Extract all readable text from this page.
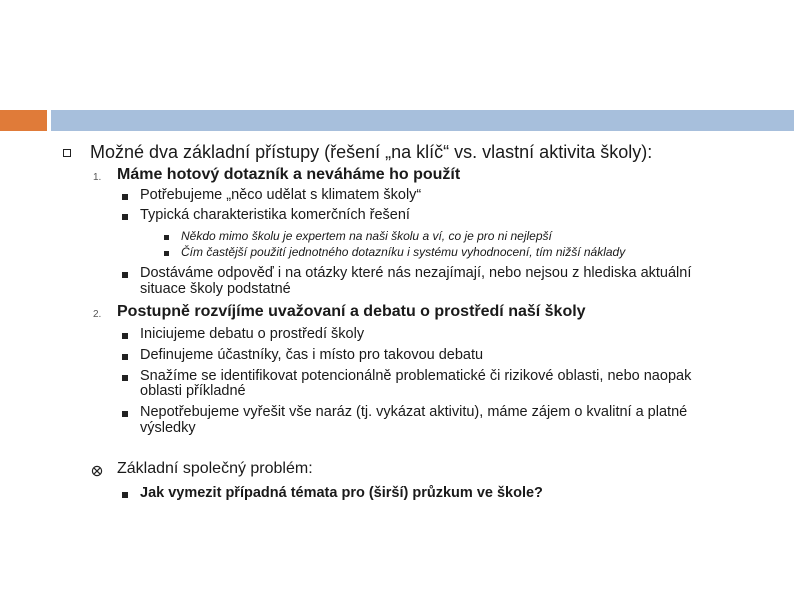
Možné dva základní přístupy (řešení „na klíč“ vs. vlastní aktivita školy):
1. Máme hotový dotazník a neváháme ho použít
Potřebujeme „něco udělat s klimatem školy“
Typická charakteristika komerčních řešení
Někdo mimo školu je expertem na naši školu a ví, co je pro ni nejlepší
Čím častější použití jednotného dotazníku i systému vyhodnocení, tím nižší náklady
Dostáváme odpověď i na otázky které nás nezajímají, nebo nejsou z hlediska aktuální
situace školy podstatné
2. Postupně rozvíjíme uvažovaní a debatu o prostředí naší školy
Iniciujeme debatu o prostředí školy
Definujeme účastníky, čas i místo pro takovou debatu
Snažíme se identifikovat potencionálně problematické či rizikové oblasti, nebo naopak
oblasti příkladné
Nepotřebujeme vyřešit vše naráz (tj. vykázat aktivitu), máme zájem o kvalitní a platné
výsledky
Základní společný problém:
Jak vymezit případná témata pro (širší) průzkum ve škole?
